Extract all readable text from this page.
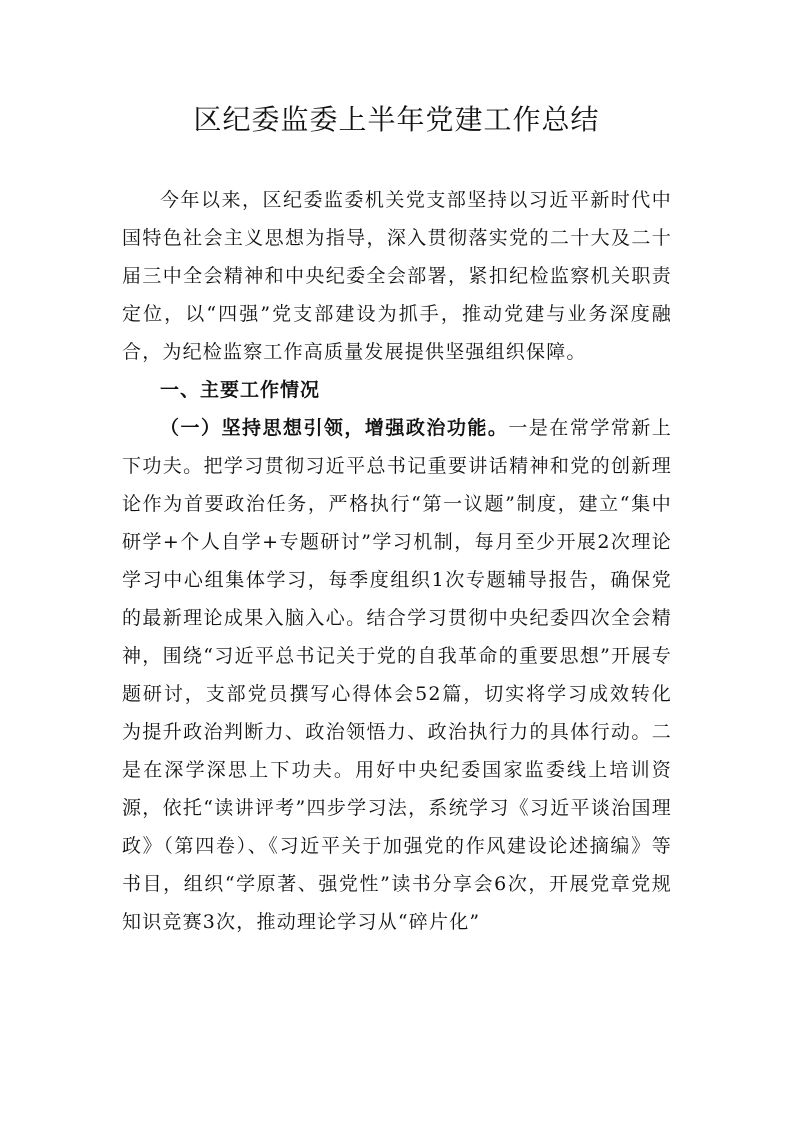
区纪委监委上半年党建工作总结

今年以来，区纪委监委机关党支部坚持以习近平新时代中国特色社会主义思想为指导，深入贯彻落实党的二十大及二十届三中全会精神和中央纪委全会部署，紧扣纪检监察机关职责定位，以“四强”党支部建设为抓手，推动党建与业务深度融合，为纪检监察工作高质量发展提供坚强组织保障。

一、主要工作情况

（一）坚持思想引领，增强政治功能。一是在常学常新上下功夫。把学习贯彻习近平总书记重要讲话精神和党的创新理论作为首要政治任务，严格执行“第一议题”制度，建立“集中研学+个人自学+专题研讨”学习机制，每月至少开展2次理论学习中心组集体学习，每季度组织1次专题辅导报告，确保党的最新理论成果入脑入心。结合学习贯彻中央纪委四次全会精神，围绕“习近平总书记关于党的自我革命的重要思想”开展专题研讨，支部党员撰写心得体会52篇，切实将学习成效转化为提升政治判断力、政治领悟力、政治执行力的具体行动。二是在深学深思上下功夫。用好中央纪委国家监委线上培训资源，依托“读讲评考”四步学习法，系统学习《习近平谈治国理政》（第四卷）、《习近平关于加强党的作风建设论述摘编》等书目，组织“学原著、强党性”读书分享会6次，开展党章党规知识竞赛3次，推动理论学习从“碎片化”
